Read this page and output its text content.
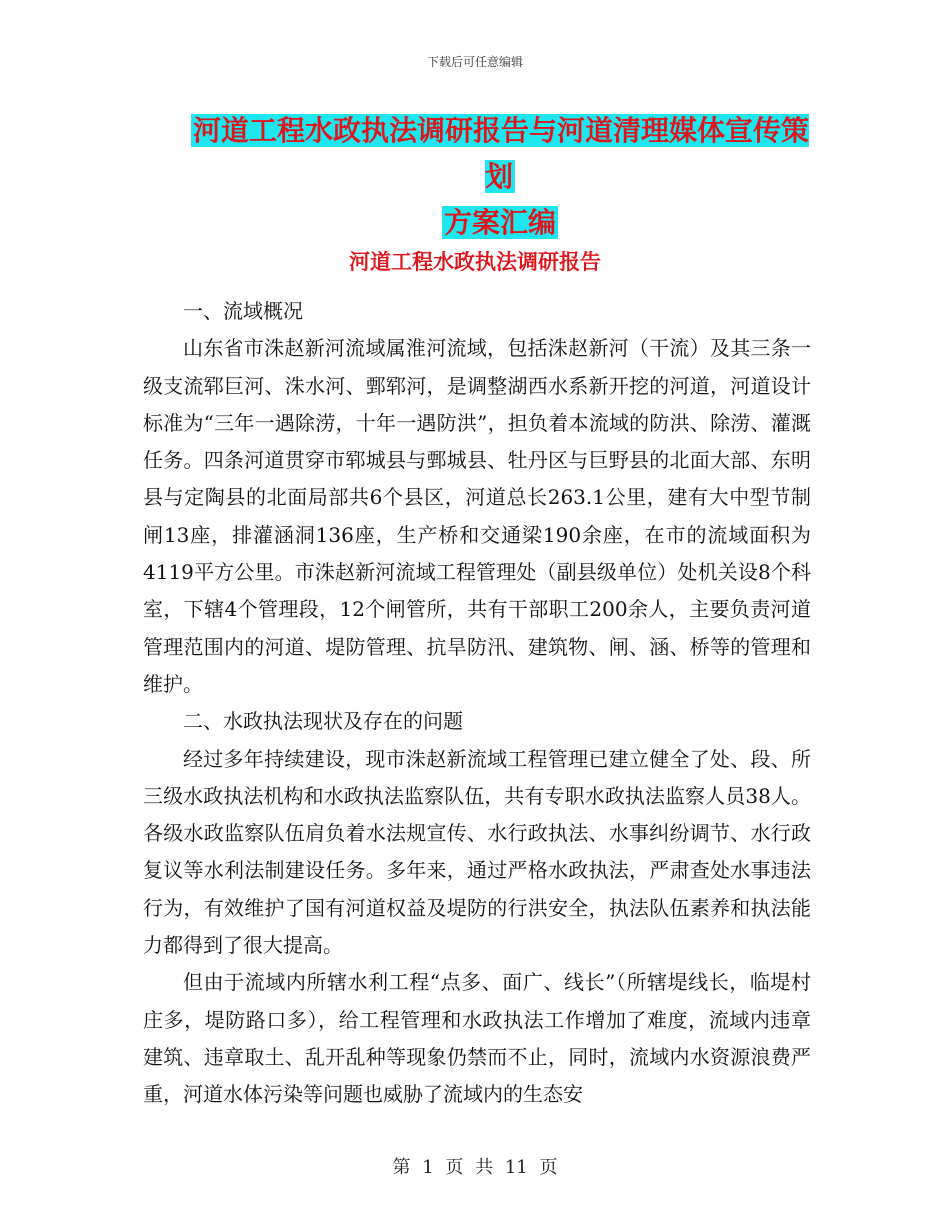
下载后可任意编辑
河道工程水政执法调研报告与河道清理媒体宣传策划
方案汇编
河道工程水政执法调研报告

一、流域概况

山东省市洙赵新河流域属淮河流域，包括洙赵新河（干流）及其三条一级支流郓巨河、洙水河、鄄郓河，是调整湖西水系新开挖的河道，河道设计标准为“三年一遇除涝，十年一遇防洪”，担负着本流域的防洪、除涝、灌溉任务。四条河道贯穿市郓城县与鄄城县、牡丹区与巨野县的北面大部、东明县与定陶县的北面局部共6个县区，河道总长263.1公里，建有大中型节制闸13座，排灌涵洞136座，生产桥和交通梁190余座，在市的流域面积为4119平方公里。市洙赵新河流域工程管理处（副县级单位）处机关设8个科室，下辖4个管理段，12个闸管所，共有干部职工200余人，主要负责河道管理范围内的河道、堤防管理、抗旱防汛、建筑物、闸、涵、桥等的管理和维护。

二、水政执法现状及存在的问题

经过多年持续建设，现市洙赵新流域工程管理已建立健全了处、段、所三级水政执法机构和水政执法监察队伍，共有专职水政执法监察人员38人。各级水政监察队伍肩负着水法规宣传、水行政执法、水事纠纷调节、水行政复议等水利法制建设任务。多年来，通过严格水政执法，严肃查处水事违法行为，有效维护了国有河道权益及堤防的行洪安全，执法队伍素养和执法能力都得到了很大提高。

但由于流域内所辖水利工程“点多、面广、线长”（所辖堤线长，临堤村庄多，堤防路口多），给工程管理和水政执法工作增加了难度，流域内违章建筑、违章取土、乱开乱种等现象仍禁而不止，同时，流域内水资源浪费严重，河道水体污染等问题也威胁了流域内的生态安

第 1 页 共 11 页
